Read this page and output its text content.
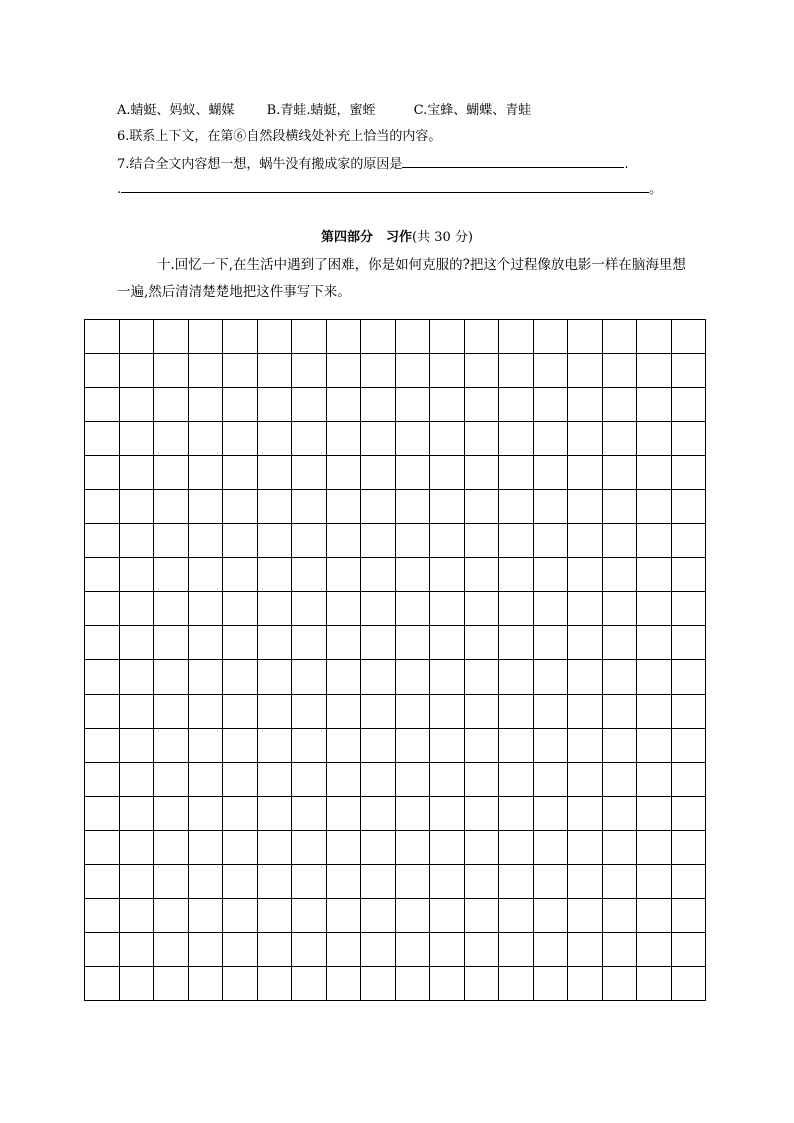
A.蜻蜓、妈蚁、蝴媒 B.青蛙.蜻蜓，蜜蛭	C.宝蜂、蝴蝶、青蛙
6.联系上下文，在第⑥自然段横线处补充上恰当的内容。
7.结合全文内容想一想，蜗牛没有搬成家的原因是	.
.	。
第四部分　习作(共 30 分)
十.回忆一下,在生活中遇到了困难，你是如何克服的?把这个过程像放电影一样在脑海里想一遍,然后清清楚楚地把这件事写下来。
